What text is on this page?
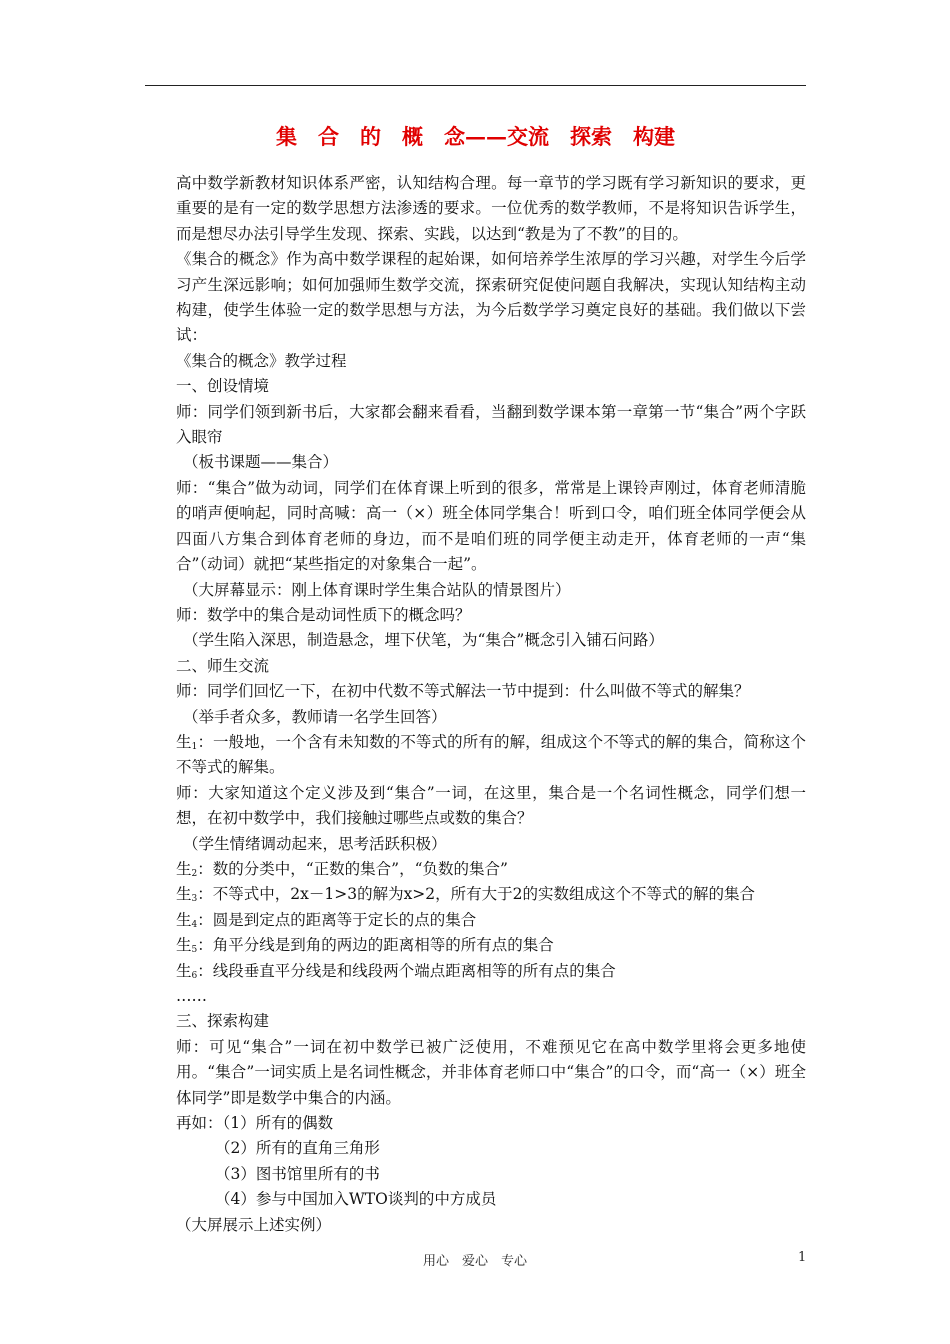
集　合　的　概　念——交流　探索　构建

高中数学新教材知识体系严密，认知结构合理。每一章节的学习既有学习新知识的要求，更重要的是有一定的数学思想方法渗透的要求。一位优秀的数学教师，不是将知识告诉学生，而是想尽办法引导学生发现、探索、实践，以达到“教是为了不教”的目的。

《集合的概念》作为高中数学课程的起始课，如何培养学生浓厚的学习兴趣，对学生今后学习产生深远影响；如何加强师生数学交流，探索研究促使问题自我解决，实现认知结构主动构建，使学生体验一定的数学思想与方法，为今后数学学习奠定良好的基础。我们做以下尝试：

《集合的概念》教学过程

一、创设情境

师：同学们领到新书后，大家都会翻来看看，当翻到数学课本第一章第一节“集合”两个字跃入眼帘

（板书课题——集合）

师：“集合”做为动词，同学们在体育课上听到的很多，常常是上课铃声刚过，体育老师清脆的哨声便响起，同时高喊：高一（×）班全体同学集合！听到口令，咱们班全体同学便会从四面八方集合到体育老师的身边，而不是咱们班的同学便主动走开，体育老师的一声“集合”（动词）就把“某些指定的对象集合一起”。

（大屏幕显示：刚上体育课时学生集合站队的情景图片）

师：数学中的集合是动词性质下的概念吗？

（学生陷入深思，制造悬念，埋下伏笔，为“集合”概念引入铺石问路）

二、师生交流

师：同学们回忆一下，在初中代数不等式解法一节中提到：什么叫做不等式的解集？

（举手者众多，教师请一名学生回答）

生$_1$：一般地，一个含有未知数的不等式的所有的解，组成这个不等式的解的集合，简称这个不等式的解集。

师：大家知道这个定义涉及到“集合”一词，在这里，集合是一个名词性概念，同学们想一想，在初中数学中，我们接触过哪些点或数的集合？

（学生情绪调动起来，思考活跃积极）

生$_2$：数的分类中，“正数的集合”，“负数的集合”

生$_3$：不等式中，2x－1>3的解为x>2，所有大于2的实数组成这个不等式的解的集合

生$_4$：圆是到定点的距离等于定长的点的集合

生$_5$：角平分线是到角的两边的距离相等的所有点的集合

生$_6$：线段垂直平分线是和线段两个端点距离相等的所有点的集合

……

三、探索构建

师：可见“集合”一词在初中数学已被广泛使用，不难预见它在高中数学里将会更多地使用。“集合”一词实质上是名词性概念，并非体育老师口中“集合”的口令，而“高一（×）班全体同学”即是数学中集合的内涵。

再如：（1）所有的偶数

（2）所有的直角三角形

（3）图书馆里所有的书

（4）参与中国加入WTO谈判的中方成员

（大屏展示上述实例）

用心　爱心　专心	1
